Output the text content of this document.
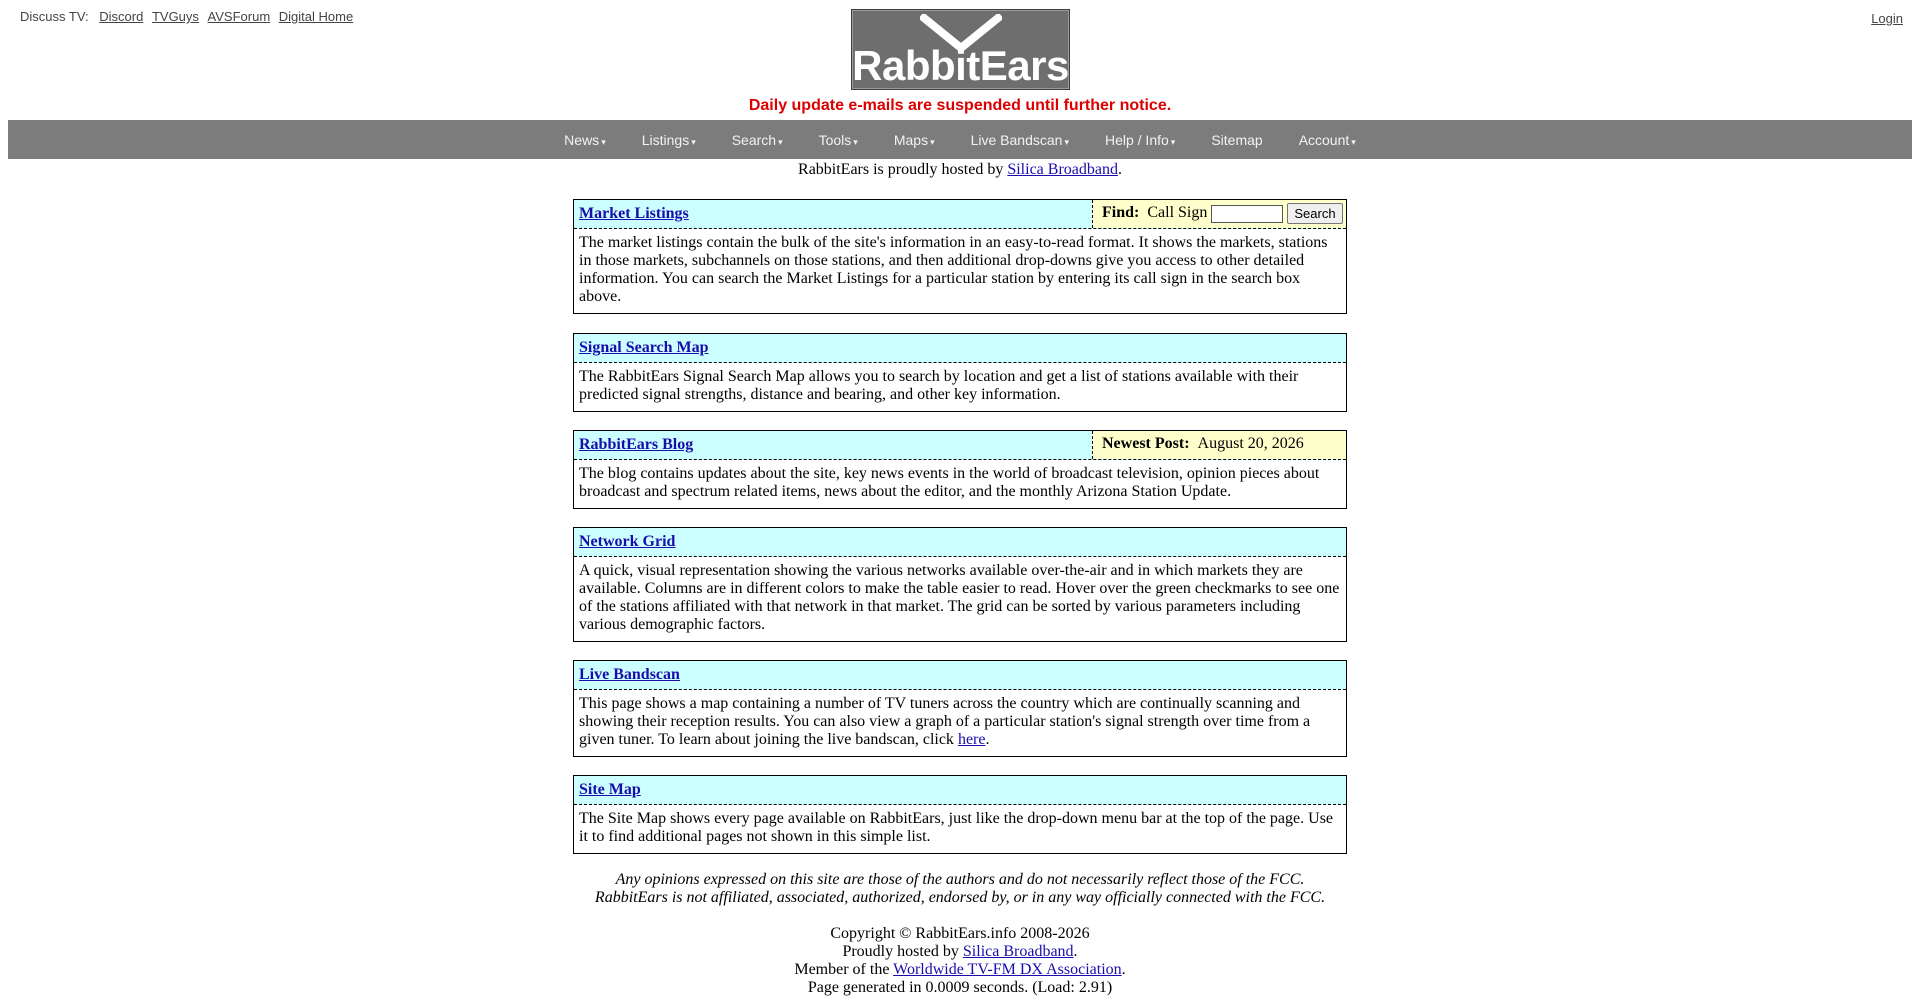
Discuss TV: Discord TVGuys AVSForum Digital Home	Login
RabbitEars
Daily update e-mails are suspended until further notice.
News ▾	Listings ▾	Search ▾	Tools ▾	Maps ▾	Live Bandscan ▾	Help / Info ▾	Sitemap	Account ▾
RabbitEars is proudly hosted by Silica Broadband.
Market Listings	Find: Call Sign	Search
The market listings contain the bulk of the site's information in an easy-to-read format. It shows the markets, stations in those markets, subchannels on those stations, and then additional drop-downs give you access to other detailed information. You can search the Market Listings for a particular station by entering its call sign in the search box above.
Signal Search Map
The RabbitEars Signal Search Map allows you to search by location and get a list of stations available with their predicted signal strengths, distance and bearing, and other key information.
RabbitEars Blog	Newest Post: August 20, 2026
The blog contains updates about the site, key news events in the world of broadcast television, opinion pieces about broadcast and spectrum related items, news about the editor, and the monthly Arizona Station Update.
Network Grid
A quick, visual representation showing the various networks available over-the-air and in which markets they are available. Columns are in different colors to make the table easier to read. Hover over the green checkmarks to see one of the stations affiliated with that network in that market. The grid can be sorted by various parameters including various demographic factors.
Live Bandscan
This page shows a map containing a number of TV tuners across the country which are continually scanning and showing their reception results. You can also view a graph of a particular station's signal strength over time from a given tuner. To learn about joining the live bandscan, click here.
Site Map
The Site Map shows every page available on RabbitEars, just like the drop-down menu bar at the top of the page. Use it to find additional pages not shown in this simple list.
Any opinions expressed on this site are those of the authors and do not necessarily reflect those of the FCC.
RabbitEars is not affiliated, associated, authorized, endorsed by, or in any way officially connected with the FCC.
Copyright © RabbitEars.info 2008-2026
Proudly hosted by Silica Broadband.
Member of the Worldwide TV-FM DX Association.
Page generated in 0.0009 seconds. (Load: 2.91)
